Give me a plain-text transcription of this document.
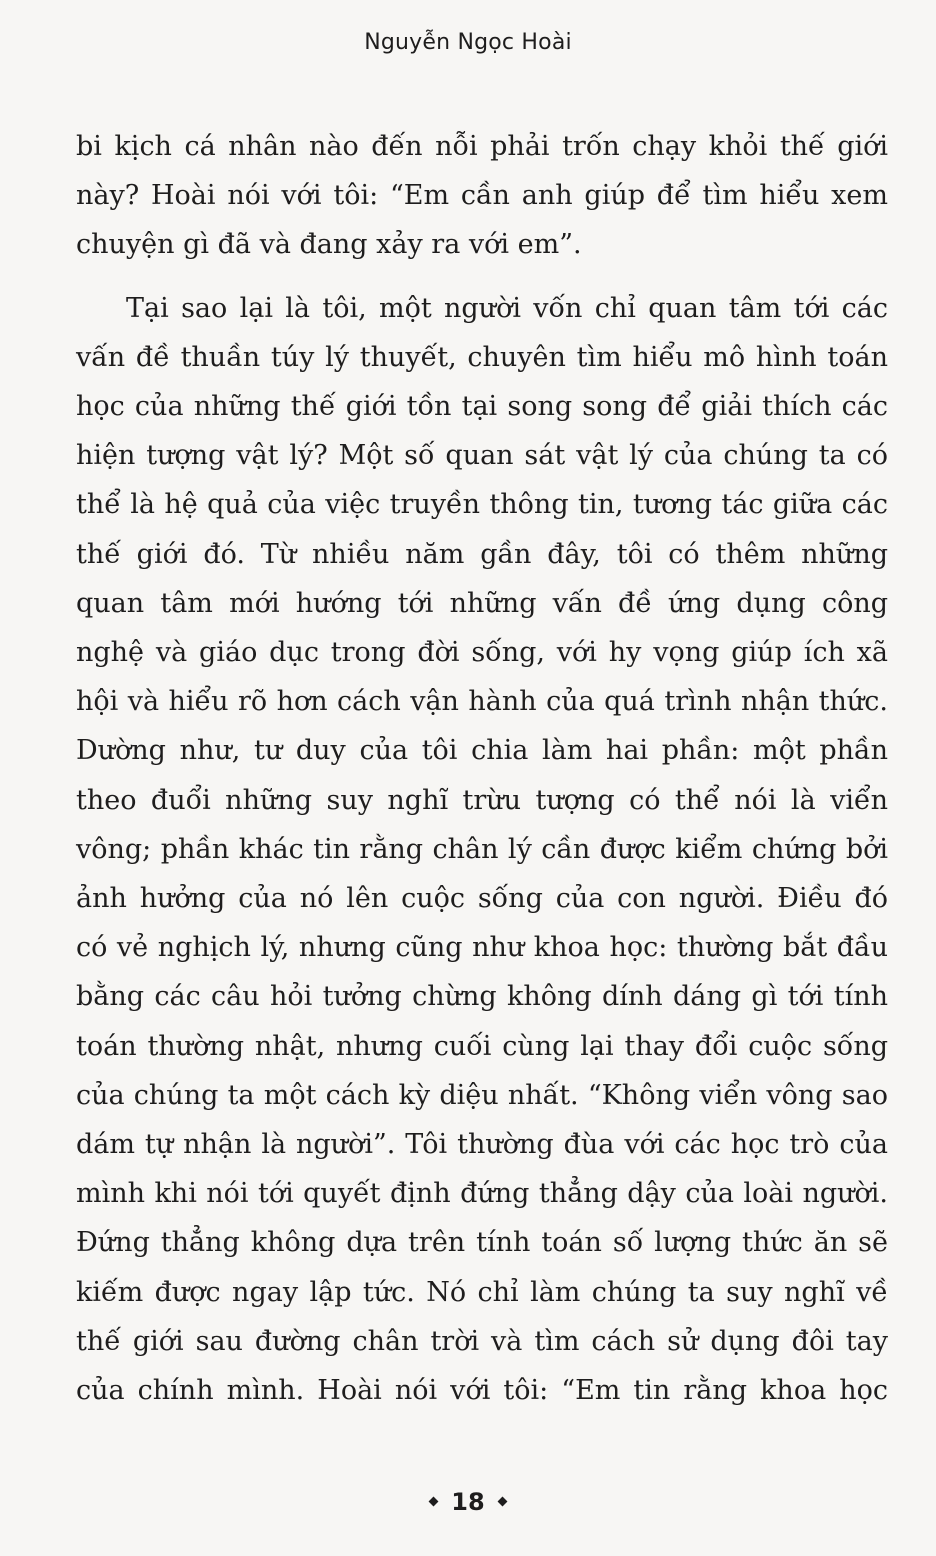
Nguyễn Ngọc Hoài
bi kịch cá nhân nào đến nỗi phải trốn chạy khỏi thế giới
này? Hoài nói với tôi: “Em cần anh giúp để tìm hiểu xem
chuyện gì đã và đang xảy ra với em”.
Tại sao lại là tôi, một người vốn chỉ quan tâm tới các
vấn đề thuần túy lý thuyết, chuyên tìm hiểu mô hình toán
học của những thế giới tồn tại song song để giải thích các
hiện tượng vật lý? Một số quan sát vật lý của chúng ta có
thể là hệ quả của việc truyền thông tin, tương tác giữa các
thế giới đó. Từ nhiều năm gần đây, tôi có thêm những
quan tâm mới hướng tới những vấn đề ứng dụng công
nghệ và giáo dục trong đời sống, với hy vọng giúp ích xã
hội và hiểu rõ hơn cách vận hành của quá trình nhận thức.
Dường như, tư duy của tôi chia làm hai phần: một phần
theo đuổi những suy nghĩ trừu tượng có thể nói là viển
vông; phần khác tin rằng chân lý cần được kiểm chứng bởi
ảnh hưởng của nó lên cuộc sống của con người. Điều đó
có vẻ nghịch lý, nhưng cũng như khoa học: thường bắt đầu
bằng các câu hỏi tưởng chừng không dính dáng gì tới tính
toán thường nhật, nhưng cuối cùng lại thay đổi cuộc sống
của chúng ta một cách kỳ diệu nhất. “Không viển vông sao
dám tự nhận là người”. Tôi thường đùa với các học trò của
mình khi nói tới quyết định đứng thẳng dậy của loài người.
Đứng thẳng không dựa trên tính toán số lượng thức ăn sẽ
kiếm được ngay lập tức. Nó chỉ làm chúng ta suy nghĩ về
thế giới sau đường chân trời và tìm cách sử dụng đôi tay
của chính mình. Hoài nói với tôi: “Em tin rằng khoa học
18
